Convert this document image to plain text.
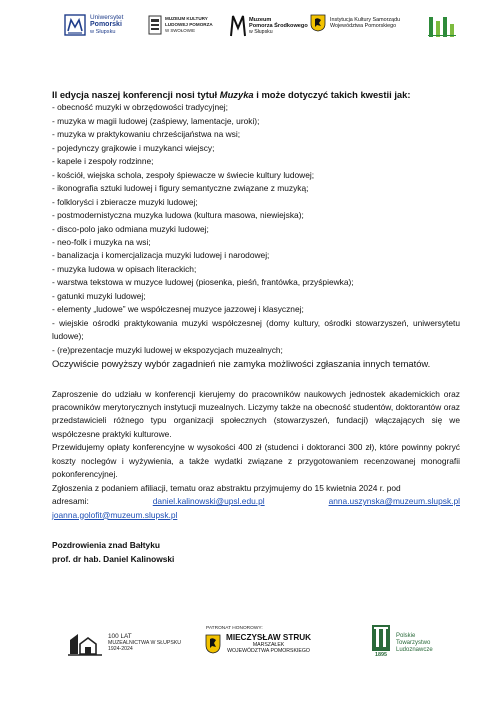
Uniwersytet
Pomorski
w Słupsku
MUZEUM KULTURY
LUDOWEJ POMORZA
W SWOŁOWIE
Muzeum
Pomorza Środkowego
w Słupsku
Instytucja Kultury Samorządu
Województwa Pomorskiego

II edycja naszej konferencji nosi tytuł Muzyka i może dotyczyć takich kwestii jak:

- obecność muzyki w obrzędowości tradycyjnej;

- muzyka w magii ludowej (zaśpiewy, lamentacje, uroki);

- muzyka w praktykowaniu chrześcijaństwa na wsi;

- pojedynczy grajkowie i muzykanci wiejscy;

- kapele i zespoły rodzinne;

- kościół, wiejska schola, zespoły śpiewacze w świecie kultury ludowej;

- ikonografia sztuki ludowej i figury semantyczne związane z muzyką;

- folkloryści i zbieracze muzyki ludowej;

- postmodernistyczna muzyka ludowa (kultura masowa, niewiejska);

- disco-polo jako odmiana muzyki ludowej;

- neo-folk i muzyka na wsi;

- banalizacja i komercjalizacja muzyki ludowej i narodowej;

- muzyka ludowa w opisach literackich;

- warstwa tekstowa w muzyce ludowej (piosenka, pieśń, frantówka, przyśpiewka);

- gatunki muzyki ludowej;

- elementy „ludowe” we współczesnej muzyce jazzowej i klasycznej;

- wiejskie ośrodki praktykowania muzyki współczesnej (domy kultury, ośrodki stowarzyszeń, uniwersytetu ludowe);

- (re)prezentacje muzyki ludowej w ekspozycjach muzealnych;

Oczywiście powyższy wybór zagadnień nie zamyka możliwości zgłaszania innych tematów.

Zaproszenie do udziału w konferencji kierujemy do pracowników naukowych jednostek akademickich oraz pracowników merytorycznych instytucji muzealnych. Liczymy także na obecność studentów, doktorantów oraz przedstawicieli różnego typu organizacji społecznych (stowarzyszeń, fundacji) włączających się we współczesne praktyki kulturowe.

Przewidujemy opłaty konferencyjne w wysokości 400 zł (studenci i doktoranci 300 zł), które powinny pokryć koszty noclegów i wyżywienia, a także wydatki związane z przygotowaniem recenzowanej monografii pokonferencyjnej.

Zgłoszenia z podaniem afiliacji, tematu oraz abstraktu przyjmujemy do 15 kwietnia 2024 r. pod

adresami:	daniel.kalinowski@upsl.edu.pl	anna.uszynska@muzeum.slupsk.pl

joanna.golofit@muzeum.slupsk.pl

Pozdrowienia znad Bałtyku

prof. dr hab. Daniel Kalinowski

100 LAT
MUZEALNICTWA W SŁUPSKU
1924-2024
PATRONAT HONOROWY:
MIECZYSŁAW STRUK
MARSZAŁEK
WOJEWÓDZTWA POMORSKIEGO
1895
Polskie
Towarzystwo
Ludoznawcze
